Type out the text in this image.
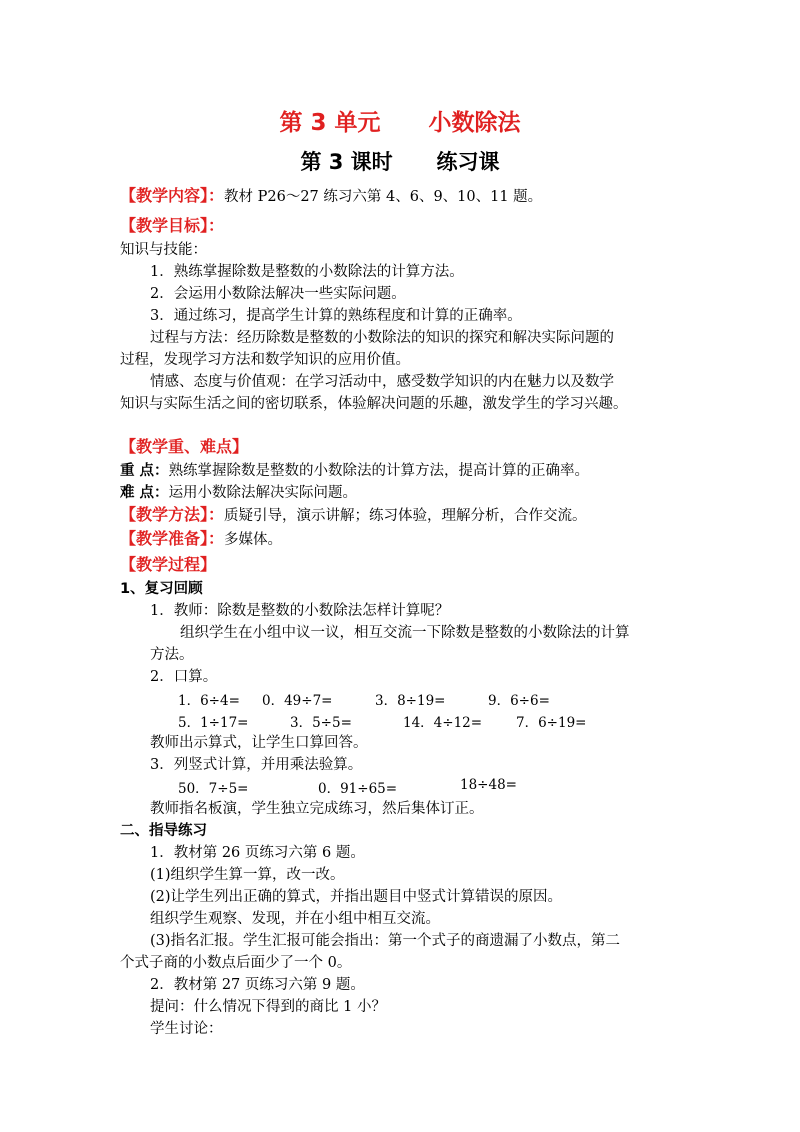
第 3 单元      小数除法
第 3 课时      练习课
【教学内容】：教材 P26～27 练习六第 4、6、9、10、11 题。
【教学目标】：
知识与技能：
1．熟练掌握除数是整数的小数除法的计算方法。
2．会运用小数除法解决一些实际问题。
3．通过练习，提高学生计算的熟练程度和计算的正确率。
过程与方法：经历除数是整数的小数除法的知识的探究和解决实际问题的
过程，发现学习方法和数学知识的应用价值。
情感、态度与价值观：在学习活动中，感受数学知识的内在魅力以及数学
知识与实际生活之间的密切联系，体验解决问题的乐趣，激发学生的学习兴趣。
【教学重、难点】
重 点：熟练掌握除数是整数的小数除法的计算方法，提高计算的正确率。
难 点：运用小数除法解决实际问题。
【教学方法】：质疑引导，演示讲解；练习体验，理解分析，合作交流。
【教学准备】：多媒体。
【教学过程】
1、复习回顾
1．教师：除数是整数的小数除法怎样计算呢？
组织学生在小组中议一议，相互交流一下除数是整数的小数除法的计算
方法。
2．口算。
1．6÷4= 0．49÷7=	3．8÷19=	9．6÷6=
5．1÷17=	3．5÷5=	14．4÷12=	7．6÷19=
教师出示算式，让学生口算回答。
3．列竖式计算，并用乘法验算。
50．7÷5=	0．91÷65=	18÷48=
教师指名板演，学生独立完成练习，然后集体订正。
二、指导练习
1．教材第 26 页练习六第 6 题。
(1)组织学生算一算，改一改。
(2)让学生列出正确的算式，并指出题目中竖式计算错误的原因。
组织学生观察、发现，并在小组中相互交流。
(3)指名汇报。学生汇报可能会指出：第一个式子的商遗漏了小数点，第二
个式子商的小数点后面少了一个 0。
2．教材第 27 页练习六第 9 题。
提问：什么情况下得到的商比 1 小？
学生讨论：
